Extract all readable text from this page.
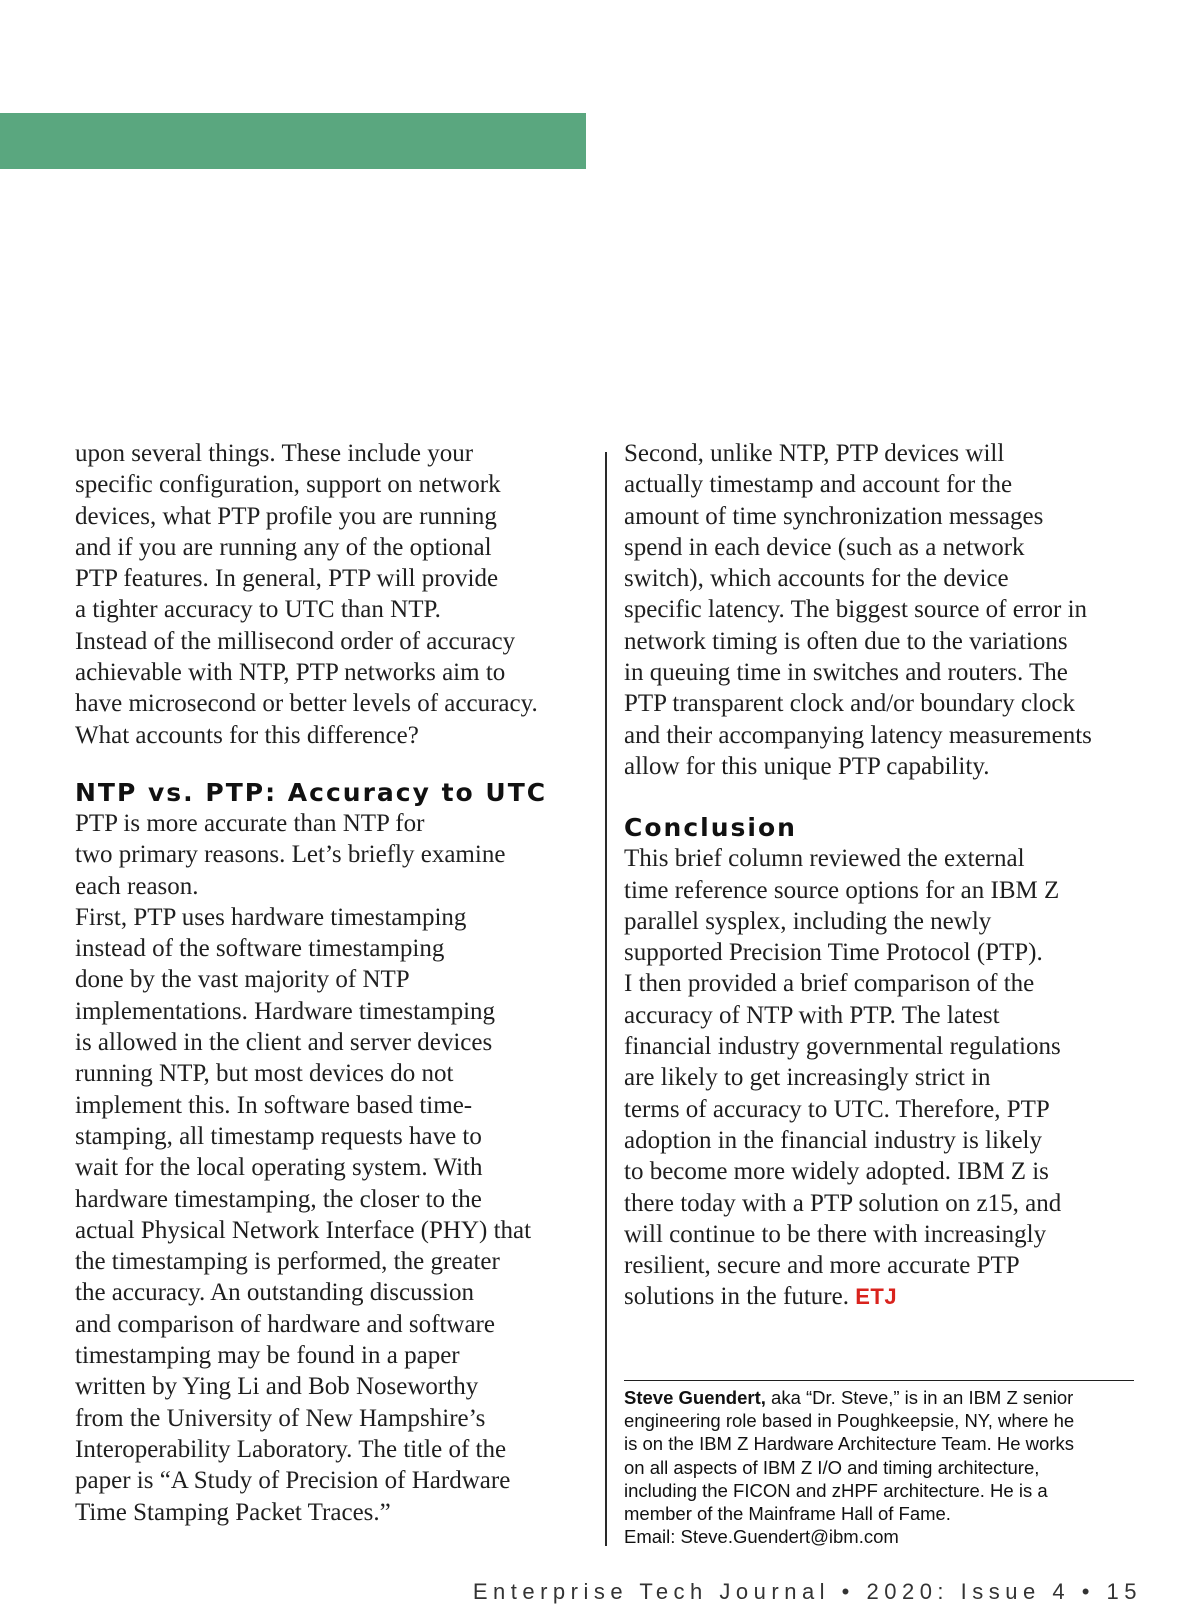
upon several things. These include your
specific configuration, support on network
devices, what PTP profile you are running
and if you are running any of the optional
PTP features. In general, PTP will provide
a tighter accuracy to UTC than NTP.
Instead of the millisecond order of accuracy
achievable with NTP, PTP networks aim to
have microsecond or better levels of accuracy.
What accounts for this difference?

NTP vs. PTP: Accuracy to UTC

PTP is more accurate than NTP for
two primary reasons. Let’s briefly examine
each reason.

First, PTP uses hardware timestamping
instead of the software timestamping
done by the vast majority of NTP
implementations. Hardware timestamping
is allowed in the client and server devices
running NTP, but most devices do not
implement this. In software based time-
stamping, all timestamp requests have to
wait for the local operating system. With
hardware timestamping, the closer to the
actual Physical Network Interface (PHY) that
the timestamping is performed, the greater
the accuracy. An outstanding discussion
and comparison of hardware and software
timestamping may be found in a paper
written by Ying Li and Bob Noseworthy
from the University of New Hampshire’s
Interoperability Laboratory. The title of the
paper is “A Study of Precision of Hardware
Time Stamping Packet Traces.”

Second, unlike NTP, PTP devices will
actually timestamp and account for the
amount of time synchronization messages
spend in each device (such as a network
switch), which accounts for the device
specific latency. The biggest source of error in
network timing is often due to the variations
in queuing time in switches and routers. The
PTP transparent clock and/or boundary clock
and their accompanying latency measurements
allow for this unique PTP capability.

Conclusion

This brief column reviewed the external
time reference source options for an IBM Z
parallel sysplex, including the newly
supported Precision Time Protocol (PTP).
I then provided a brief comparison of the
accuracy of NTP with PTP. The latest
financial industry governmental regulations
are likely to get increasingly strict in
terms of accuracy to UTC. Therefore, PTP
adoption in the financial industry is likely
to become more widely adopted. IBM Z is
there today with a PTP solution on z15, and
will continue to be there with increasingly
resilient, secure and more accurate PTP
solutions in the future. ETJ

Steve Guendert, aka “Dr. Steve,” is in an IBM Z senior
engineering role based in Poughkeepsie, NY, where he
is on the IBM Z Hardware Architecture Team. He works
on all aspects of IBM Z I/O and timing architecture,
including the FICON and zHPF architecture. He is a
member of the Mainframe Hall of Fame.
Email: Steve.Guendert@ibm.com

Enterprise Tech Journal • 2020: Issue 4 • 15
